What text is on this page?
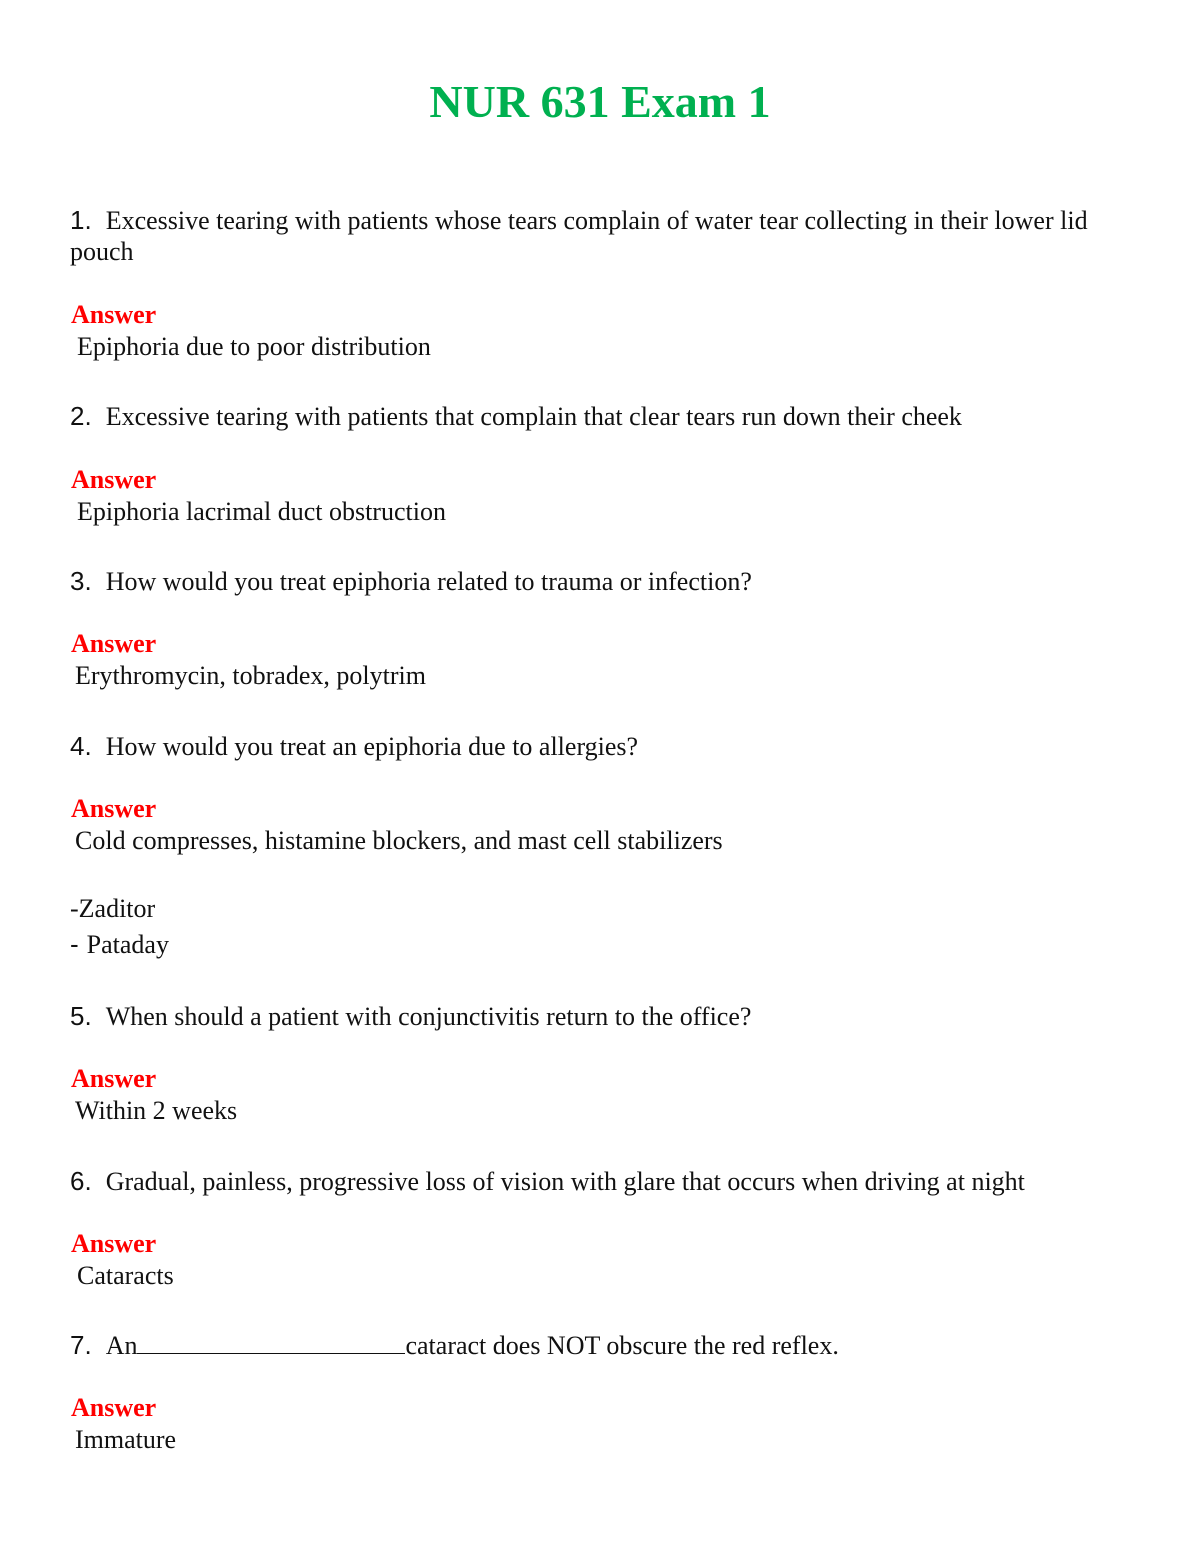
NUR 631 Exam 1
1. Excessive tearing with patients whose tears complain of water tear collecting in their lower lid pouch
Answer
Epiphoria due to poor distribution
2. Excessive tearing with patients that complain that clear tears run down their cheek
Answer
Epiphoria lacrimal duct obstruction
3. How would you treat epiphoria related to trauma or infection?
Answer
Erythromycin, tobradex, polytrim
4. How would you treat an epiphoria due to allergies?
Answer
Cold compresses, histamine blockers, and mast cell stabilizers
-Zaditor
- Pataday
5. When should a patient with conjunctivitis return to the office?
Answer
Within 2 weeks
6. Gradual, painless, progressive loss of vision with glare that occurs when driving at night
Answer
Cataracts
7. An	cataract does NOT obscure the red reflex.
Answer
Immature
